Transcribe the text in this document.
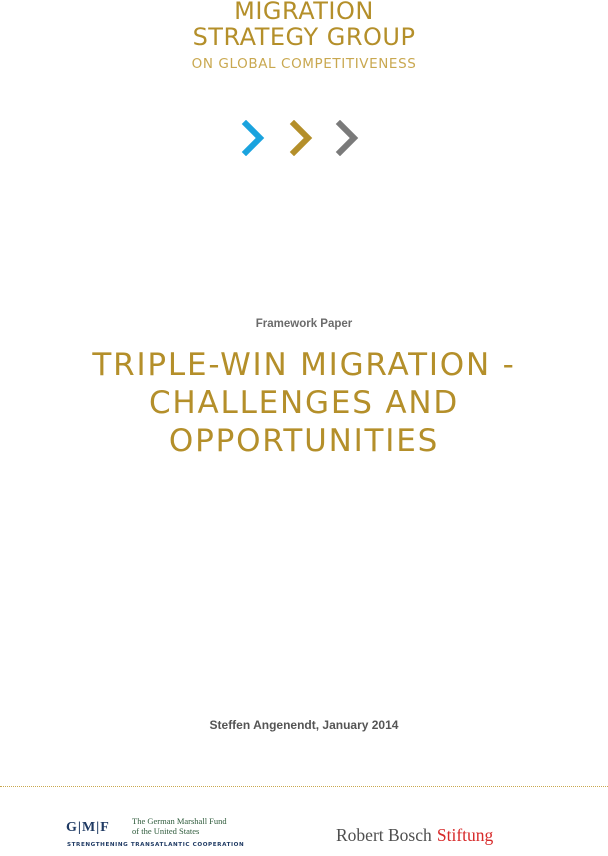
MIGRATION
STRATEGY GROUP
ON GLOBAL COMPETITIVENESS
Framework Paper
TRIPLE-WIN MIGRATION -
CHALLENGES AND
OPPORTUNITIES
Steffen Angenendt, January 2014
G|M|F	The German Marshall Fund
of the United States
STRENGTHENING TRANSATLANTIC COOPERATION	Robert Bosch Stiftung
